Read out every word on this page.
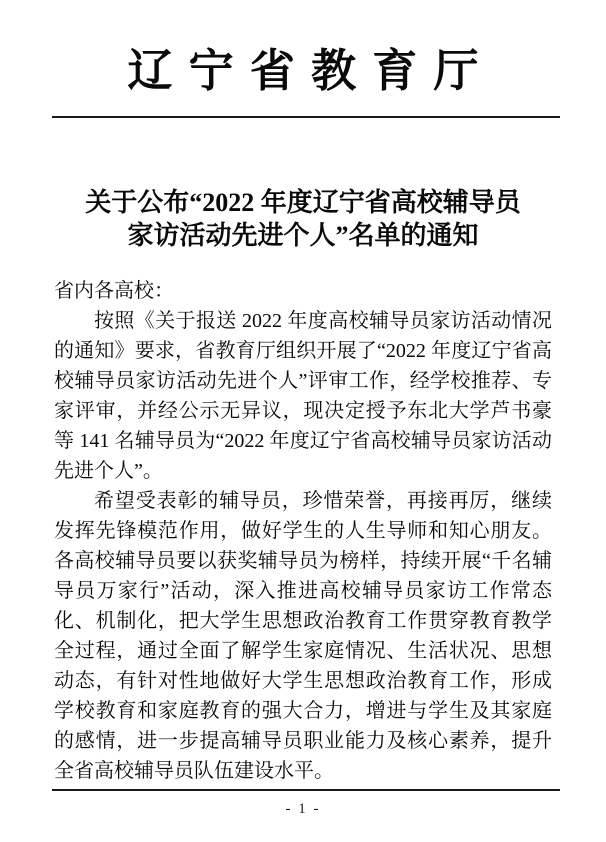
辽宁省教育厅
关于公布“2022 年度辽宁省高校辅导员
家访活动先进个人”名单的通知
省内各高校：

按照《关于报送 2022 年度高校辅导员家访活动情况的通知》要求，省教育厅组织开展了“2022 年度辽宁省高校辅导员家访活动先进个人”评审工作，经学校推荐、专家评审，并经公示无异议，现决定授予东北大学芦书豪等 141 名辅导员为“2022 年度辽宁省高校辅导员家访活动先进个人”。

希望受表彰的辅导员，珍惜荣誉，再接再厉，继续发挥先锋模范作用，做好学生的人生导师和知心朋友。各高校辅导员要以获奖辅导员为榜样，持续开展“千名辅导员万家行”活动，深入推进高校辅导员家访工作常态化、机制化，把大学生思想政治教育工作贯穿教育教学全过程，通过全面了解学生家庭情况、生活状况、思想动态，有针对性地做好大学生思想政治教育工作，形成学校教育和家庭教育的强大合力，增进与学生及其家庭的感情，进一步提高辅导员职业能力及核心素养，提升全省高校辅导员队伍建设水平。

- 1 -
